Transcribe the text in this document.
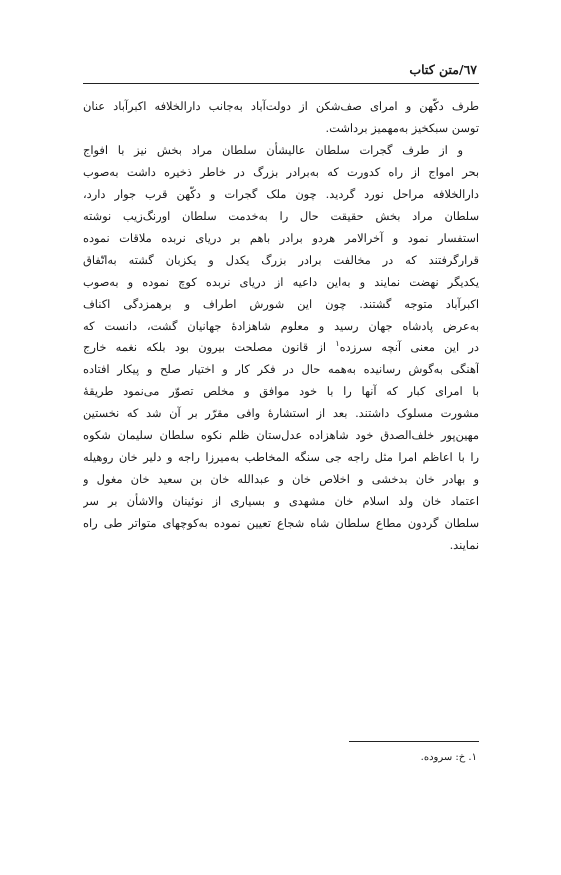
٦٧/متن کتاب

طرف دکّهن و امرای صف‌شکن از دولت‌آباد به‌جانب دارالخلافه اکبرآباد عنان
توسن سبکخیز به‌مهمیز برداشت.

و از طرف گجرات سلطان عالیشأن سلطان مراد بخش نیز با افواج
بحر امواج از راه کدورت که به‌برادر بزرگ در خاطر ذخیره داشت به‌صوب
دارالخلافه مراحل نورد گردید. چون ملک گجرات و دکّهن قرب جوار دارد،
سلطان مراد بخش حقیقت حال را به‌خدمت سلطان اورنگ‌زیب نوشته
استفسار نمود و آخرالامر هردو برادر باهم بر دریای نربده ملاقات نموده
قرارگرفتند که در مخالفت برادر بزرگ یکدل و یکزبان گشته به‌اتّفاق
یکدیگر نهضت نمایند و به‌این داعیه از دریای نربده کوچ نموده و به‌صوب
اکبرآباد متوجه گشتند. چون این شورش اطراف و برهمزدگی اکناف
به‌عرض پادشاه جهان رسید و معلوم شاهزادهٔ جهانیان گشت، دانست که
در این معنی آنچه سرزده$^١$ از قانون مصلحت بیرون بود بلکه نغمه خارج
آهنگی به‌گوش رسانیده به‌همه حال در فکر کار و اختیار صلح و پیکار افتاده
با امرای کبار که آنها را با خود موافق و مخلص تصوّر می‌نمود طریقهٔ
مشورت مسلوک داشتند. بعد از استشارهٔ وافی مقرّر بر آن شد که نخستین
مهین‌پور خلف‌الصدق خود شاهزاده عدل‌ستان ظلم نکوه سلطان سلیمان شکوه
را با اعاظم امرا مثل راجه جی سنگه المخاطب به‌میرزا راجه و دلیر خان روهیله
و بهادر خان بدخشی و اخلاص خان و عبدالله خان بن سعید خان مغول و
اعتماد خان ولد اسلام خان مشهدی و بسیاری از نوئینان والاشأن بر سر
سلطان گردون مطاع سلطان شاه شجاع تعیین نموده به‌کوچهای متواتر طی راه
نمایند.

١. خ: سروده.
